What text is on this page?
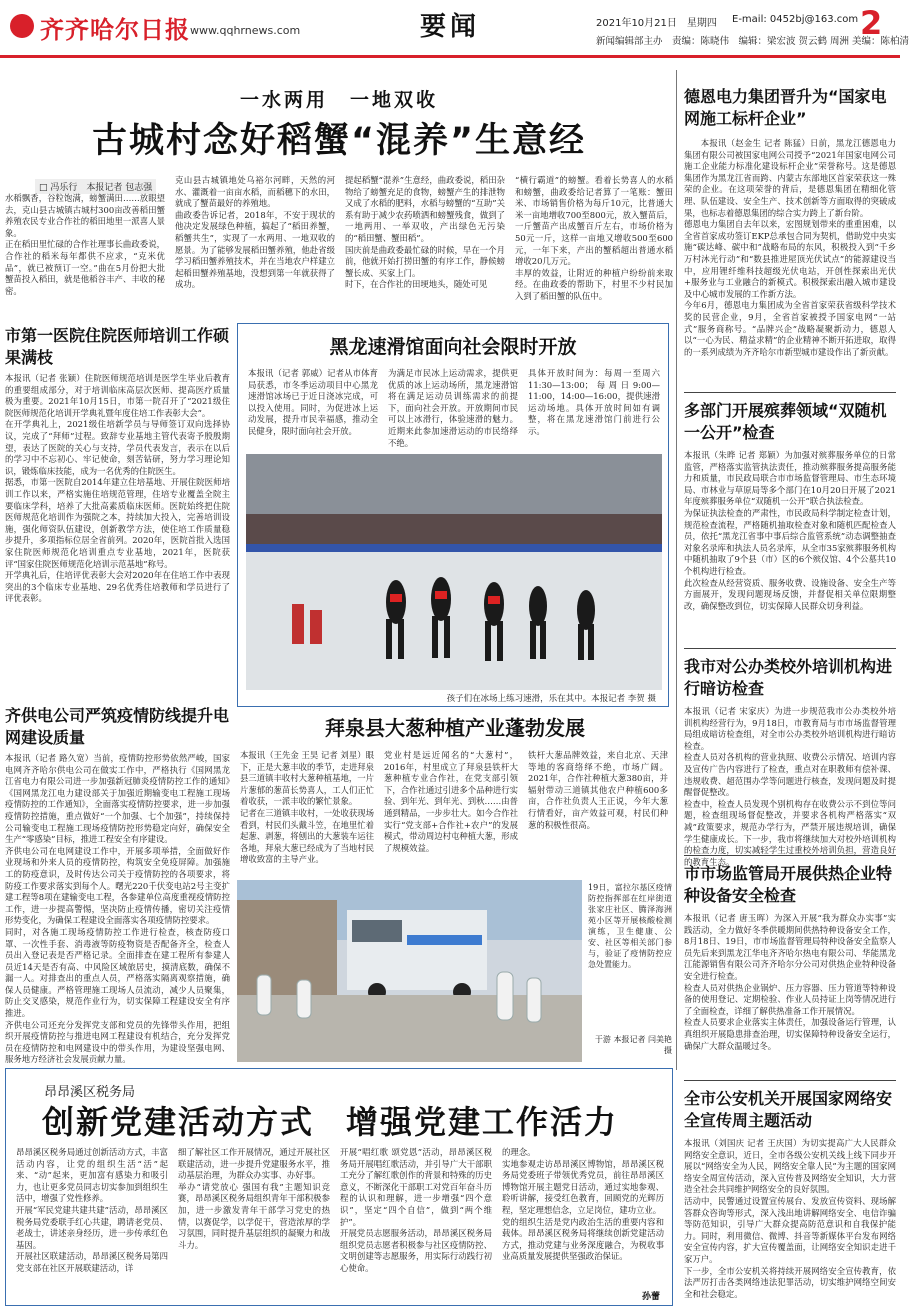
齐齐哈尔日报 www.qqhrnews.com	要闻	2021年10月21日　星期四 E-mail: 0452bj@163.com
新闻编辑部主办　责编：陈晓伟　编辑：梁宏波 贺云鹤 周洲 美编：陈柏清
2
一水两用　一地双收
古城村念好稻蟹“混养”生意经
□ 冯乐行　本报记者 包志强
水稻飘香，谷粒饱满，螃蟹满田……放眼望去，克山县古城镇古城村300亩改善稻田蟹养殖农民专业合作社的稻田地里一派喜人景象。
正在稻田里忙碌的合作社理事长曲政委说，合作社的稻米每年都供不应求，“克米优品”，就已被预订一空。”曲在5月份把大批蟹苗投入稻田，就是他稻谷丰产、丰收的秘密。
克山县古城镇地处乌裕尔河畔，天然的河水、灌溉着一亩亩水稻，而稻穗下的水田，就成了蟹苗最好的养殖地。
曲政委告诉记者，2018年，不安于现状的他决定发展绿色种植，搞起了“稻田养蟹，稻蟹共生”，实现了一水两用、一地双收的愿景。为了能够发展稻田蟹养殖，他赴省级学习稻田蟹养殖技术，并在当地农户样建立起稻田蟹养殖基地，没想到第一年就获得了成功。
提起稻蟹“混养”生意经，曲政委说，稻田杂物给了螃蟹充足的食物，螃蟹产生的排泄物又成了水稻的肥料，水稻与螃蟹的“互助”关系有助于减少农药喷洒和螃蟹残食，做到了一地两用、一举双收，产出绿色无污染的“稻田蟹、蟹田稻”。
国庆前是曲政委最忙碌的时候，早在一个月前，他就开始打捞田蟹的有序工作，静候螃蟹长成、买家上门。
时下，在合作社的田埂地头，随处可见
“横行霸道”的螃蟹。看着长势喜人的水稻和螃蟹，曲政委给记者算了一笔账：蟹田米、市场销售价格为每斤10元，比普通大米一亩地增收700至800元，放入蟹苗后，一斤蟹苗产出成蟹百斤左右，市场价格为50元一斤，这样一亩地又增收500至600元，一年下来，产出的蟹稻超出普通水稻增收20几万元。
丰厚的效益，让附近的种植户纷纷前来取经。在曲政委的帮助下，村里不少村民加入到了稻田蟹的队伍中。
德恩电力集团晋升为“国家电网施工标杆企业”
本报讯（赵金生 记者 陈猛）日前，黑龙江德恩电力集团有限公司被国家电网公司授予“2021年国家电网公司施工企业能力标准化建设标杆企业”荣誉称号。这是德恩集团作为黑龙江省而跨、内蒙古东部地区首家荣获这一殊荣的企业。在这项荣誉的背后，是德恩集团在精细化管理、队伍建设、安全生产、技术创新等方面取得的突破成果，也标志着德恩集团的综合实力跨上了新台阶。
德恩电力集团自去年以来，宏图规划带来的重重困难，以全省首家成功签订EKP总承包合同为契机，借助党中央实施“碳达峰、碳中和”战略布局的东风，积极投入到“千乡万村沐光行动”和“数县推进屋顶光伏试点”的能源建设当中，应用锂纤维科技超级光伏电站，开创性探索出光伏+服务业与工业融合的新模式。积极探索出融入城市建设及中心城市发展的工作新方法。
今年6月，德恩电力集团成为全省首家荣获省级科学技术奖的民营企业，9月，全省首家被授予国家电网“一站式”服务商称号。“品牌兴企”战略凝聚新动力，德恩人以“一心为民、精益求精”的企业精神不断开拓进取，取得的一系列成绩为齐齐哈尔市新型城市建设作出了新贡献。
市第一医院住院医师培训工作硕果满枝
本报讯（记者 张颖）住院医师规范培训是医学生毕业后教育的重要组成部分，对于培训临床高层次医师、提高医疗质量极为重要。2021年10月15日，市第一院召开了“2021级住院医师规范化培训开学典礼暨年度住培工作表彰大会”。
在开学典礼上，2021级住培新学员与导师签订双向选择协议，完成了“拜师”过程。致辞专业基地主管代表寄予殷殷期望，表达了医院的关心与支持，学员代表发言，表示在以后的学习中不忘初心、牢记使命，刻苦钻研，努力学习理论知识，锻炼临床技能，成为一名优秀的住院医生。
据悉，市第一医院自2014年建立住培基地、开展住院医师培训工作以来，严格实施住培规范管理，住培专业覆盖全院主要临床学科，培养了大批高素质临床医师。医院始终把住院医师规范化培训作为强院之本，持续加大投入，完善培训设施，强化师资队伍建设，创新教学方法，使住培工作质量稳步提升，多项指标位居全省前列。2020年，医院首批入选国家住院医师规范化培训重点专业基地，2021年，医院获评“国家住院医师规范化培训示范基地”称号。
开学典礼后，住培评优表彰大会对2020年在住培工作中表现突出的3个临床专业基地、29名优秀住培教师和学员进行了评优表彰。
黑龙速滑馆面向社会限时开放
本报讯（记者 郭威）记者从市体育局获悉，市冬季运动项目中心黑龙速滑馆冰场已于近日浇冰完成，可以投入使用。同时，为促进冰上运动发展，提升市民幸福感，推动全民健身，限时面向社会开放。
为满足市民冰上运动需求，提供更优质的冰上运动场所，黑龙速滑馆将在满足运动员训练需求的前提下，面向社会开放。开放期间市民可以上冰滑行，体验速滑的魅力。近期来此参加速滑运动的市民络绎不绝。
具体开放时间为：每周一至周六11:30—13:00；每周日9:00—11:00，14:00—16:00，提供速滑运动场地。具体开放时间如有调整，将在黑龙速滑馆门前进行公示。
孩子们在冰场上练习速滑，乐在其中。本报记者 李贺 摄
齐供电公司严筑疫情防线提升电网建设质量
本报讯（记者 路久宽）当前，疫情防控形势依然严峻，国家电网齐齐哈尔供电公司在做实工作中，严格执行《国网黑龙江省电力有限公司进一步加强新冠肺炎疫情防控工作的通知》《国网黑龙江电力建设部关于加强近期输变电工程施工现场疫情防控的工作通知》，全面落实疫情防控要求，进一步加强疫情防控措施，重点做好“一个加强、七个加强”，持续保持公司输变电工程施工现场疫情防控形势稳定向好，确保安全生产“零感染”目标，推进工程安全有序建设。
齐供电公司在电网建设工作中，开展多项举措，全面做好作业现场和外来人员的疫情防控，构筑安全免疫屏障。加强施工的防疫意识，及时传达公司关于疫情防控的各项要求，将防疫工作要求落实到每个人。曙光220千伏变电站2号主变扩建工程等8项在建输变电工程，各参建单位高度重视疫情防控工作，进一步提高警惕，坚决防止疫情传播，密切关注疫情形势变化，为确保工程建设全面落实各项疫情防控要求。
同时，对各施工现场疫情防控工作进行检查，核查防疫口罩、一次性手套、消毒液等防疫物资是否配备齐全，检查人员出入登记表是否严格记录。全面排查在建工程所有参建人员近14天是否有高、中风险区域旅居史，摸清底数，确保不漏一人。对排查出的重点人员，严格落实隔离观察措施，确保人员健康。严格管理施工现场人员流动，减少人员聚集，防止交叉感染，规范作业行为，切实保障工程建设安全有序推进。
齐供电公司还充分发挥党支部和党员的先锋带头作用，把组织开展疫情防控与推进电网工程建设有机结合，充分发挥党员在疫情防控和电网建设中的带头作用，为建设坚强电网、服务地方经济社会发展贡献力量。
拜泉县大葱种植产业蓬勃发展
本报讯（王先金 王昊 记者 刘星）眼下，正是大葱丰收的季节，走进拜泉县三道镇丰收村大葱种植基地，一片片葱郁的葱苗长势喜人，工人们正忙着收获，一派丰收的繁忙景象。
记者在三道镇丰收村，一处收获现场看到，村民们头戴斗笠，在地里忙着起葱、剥葱，将刨出的大葱装车运往各地，拜泉大葱已经成为了当地村民增收致富的主导产业。
党业村是远近闻名的“大葱村”，2016年，村里成立了拜泉县铁杆大葱种植专业合作社，在党支部引领下，合作社通过引进多个品种进行实验、到年光、到年光、到秋……由普通到精品，一步步壮大。如今合作社实行“党支部+合作社+农户”的发展模式，带动周边村屯种植大葱，形成了规模效益。
铁杆大葱品牌效益，来自北京、天津等地的客商络绎不绝，市场广阔。2021年，合作社种植大葱380亩，并辐射带动三道镇其他农户种植600多亩，合作社负责人王正说，今年大葱行情看好，亩产效益可观，村民们种葱的积极性很高。
19日，富拉尔基区疫情防控指挥部在红岸街道张家庄社区、腾泽海洲苑小区等开展核酸检测演练，卫生健康、公安、社区等相关部门参与，验证了疫情防控应急处置能力。
于游 本报记者 闫美艳 摄
多部门开展殡葬领域“双随机一公开”检查
本报讯（朱晔 记者 郑颖）为加强对殡葬服务单位的日常监管，严格落实监管执法责任，推动殡葬服务提高服务能力和质量，市民政局联合市市场监督管理局、市生态环境局、市林业与草原局等多个部门在10月20日开展了2021年度殡葬服务单位“双随机一公开”联合执法检查。
为保证执法检查的严肃性，市民政局科学制定检查计划，规范检查流程，严格随机抽取检查对象和随机匹配检查人员，依托“黑龙江省事中事后综合监管系统”动态调整抽查对象名录库和执法人员名录库，从全市35家殡葬服务机构中随机抽取了9个县（市）区的6个殡仪馆、4个公墓共10个机构进行检查。
此次检查从经营资质、服务收费、设施设备、安全生产等方面展开，发现问题现场反馈，并督促相关单位限期整改，确保整改到位，切实保障人民群众切身利益。
我市对公办类校外培训机构进行暗访检查
本报讯（记者 宋家庆）为进一步规范我市公办类校外培训机构经营行为，9月18日，市教育局与市市场监督管理局组成暗访检查组，对全市公办类校外培训机构进行暗访检查。
检查人员对各机构的营业执照、收费公示情况、培训内容及宣传广告内容进行了检查，重点对在职教师有偿补课、违规收费、超范围办学等问题进行核查，发现问题及时提醒督促整改。
检查中，检查人员发现个别机构存在收费公示不到位等问题，检查组现场督促整改，并要求各机构严格落实“双减”政策要求，规范办学行为，严禁开展违规培训，确保学生健康成长。下一步，我市将继续加大对校外培训机构的检查力度，切实减轻学生过重校外培训负担，营造良好的教育生态。
市市场监管局开展供热企业特种设备安全检查
本报讯（记者 唐玉晖）为深入开展“我为群众办实事”实践活动，全力做好冬季供暖期间供热特种设备安全工作，8月18日、19日，市市场监督管理局特种设备安全监察人员先后来到黑龙江华电齐齐哈尔热电有限公司、华能黑龙江能源销售有限公司齐齐哈尔分公司对供热企业特种设备安全进行检查。
检查人员对供热企业锅炉、压力容器、压力管道等特种设备的使用登记、定期检验、作业人员持证上岗等情况进行了全面检查，详细了解供热准备工作开展情况。
检查人员要求企业落实主体责任，加强设备运行管理，认真组织开展隐患排查治理，切实保障特种设备安全运行，确保广大群众温暖过冬。
全市公安机关开展国家网络安全宣传周主题活动
本报讯（刘国庆 记者 王庆国）为切实提高广大人民群众网络安全意识，近日，全市各级公安机关线上线下同步开展以“网络安全为人民，网络安全靠人民”为主题的国家网络安全周宣传活动，深入宣传普及网络安全知识，大力营造全社会共同维护网络安全的良好氛围。
活动中，民警通过设置宣传展台、发放宣传资料、现场解答群众咨询等形式，深入浅出地讲解网络安全、电信诈骗等防范知识，引导广大群众提高防范意识和自我保护能力。同时，利用微信、微博、抖音等新媒体平台发布网络安全宣传内容，扩大宣传覆盖面，让网络安全知识走进千家万户。
下一步，全市公安机关将持续开展网络安全宣传教育，依法严厉打击各类网络违法犯罪活动，切实维护网络空间安全和社会稳定。
昂昂溪区税务局
创新党建活动方式 增强党建工作活力
昂昂溪区税务局通过创新活动方式，丰富活动内容，让党的组织生活“活”起来、“动”起来，更加富有感染力和吸引力，也让更多党员同志切实参加到组织生活中，增强了党性修养。
开展“军民党建共建共建”活动，昂昂溪区税务局党委联手红心共建，聘请老党员、老战士，讲述亲身经历，进一步传承红色基因。
开展社区联建活动，昂昂溪区税务局第四党支部在社区开展联建活动，详
细了解社区工作开展情况，通过开展社区联建活动，进一步提升党建服务水平，推动基层治理，为群众办实事、办好事。
举办“请党放心 强国有我”主题知识竞赛，昂昂溪区税务局组织青年干部积极参加，进一步激发青年干部学习党史的热情，以赛促学，以学促干，营造浓厚的学习氛围，同时提升基层组织的凝聚力和战斗力。
开展“唱红歌 颂党恩”活动，昂昂溪区税务局开展唱红歌活动，并引导广大干部职工充分了解红歌创作的背景和特殊的历史意义，不断深化干部职工对党百年奋斗历程的认识和理解，进一步增强“四个意识”，坚定“四个自信”，做到“两个维护”。
开展党员志愿服务活动，昂昂溪区税务局组织党员志愿者积极参与社区疫情防控、文明创建等志愿服务，用实际行动践行初心使命。
的理念。
实地参观走访昂昂溪区博物馆，昂昂溪区税务局党委班子带领优秀党员，前往昂昂溪区博物馆开展主题党日活动，通过实地参观、聆听讲解，接受红色教育，回顾党的光辉历程，坚定理想信念，立足岗位，建功立业。
党的组织生活是党内政治生活的重要内容和载体。昂昂溪区税务局将继续创新党建活动方式，推动党建与业务深度融合，为税收事业高质量发展提供坚强政治保证。
孙蕾
